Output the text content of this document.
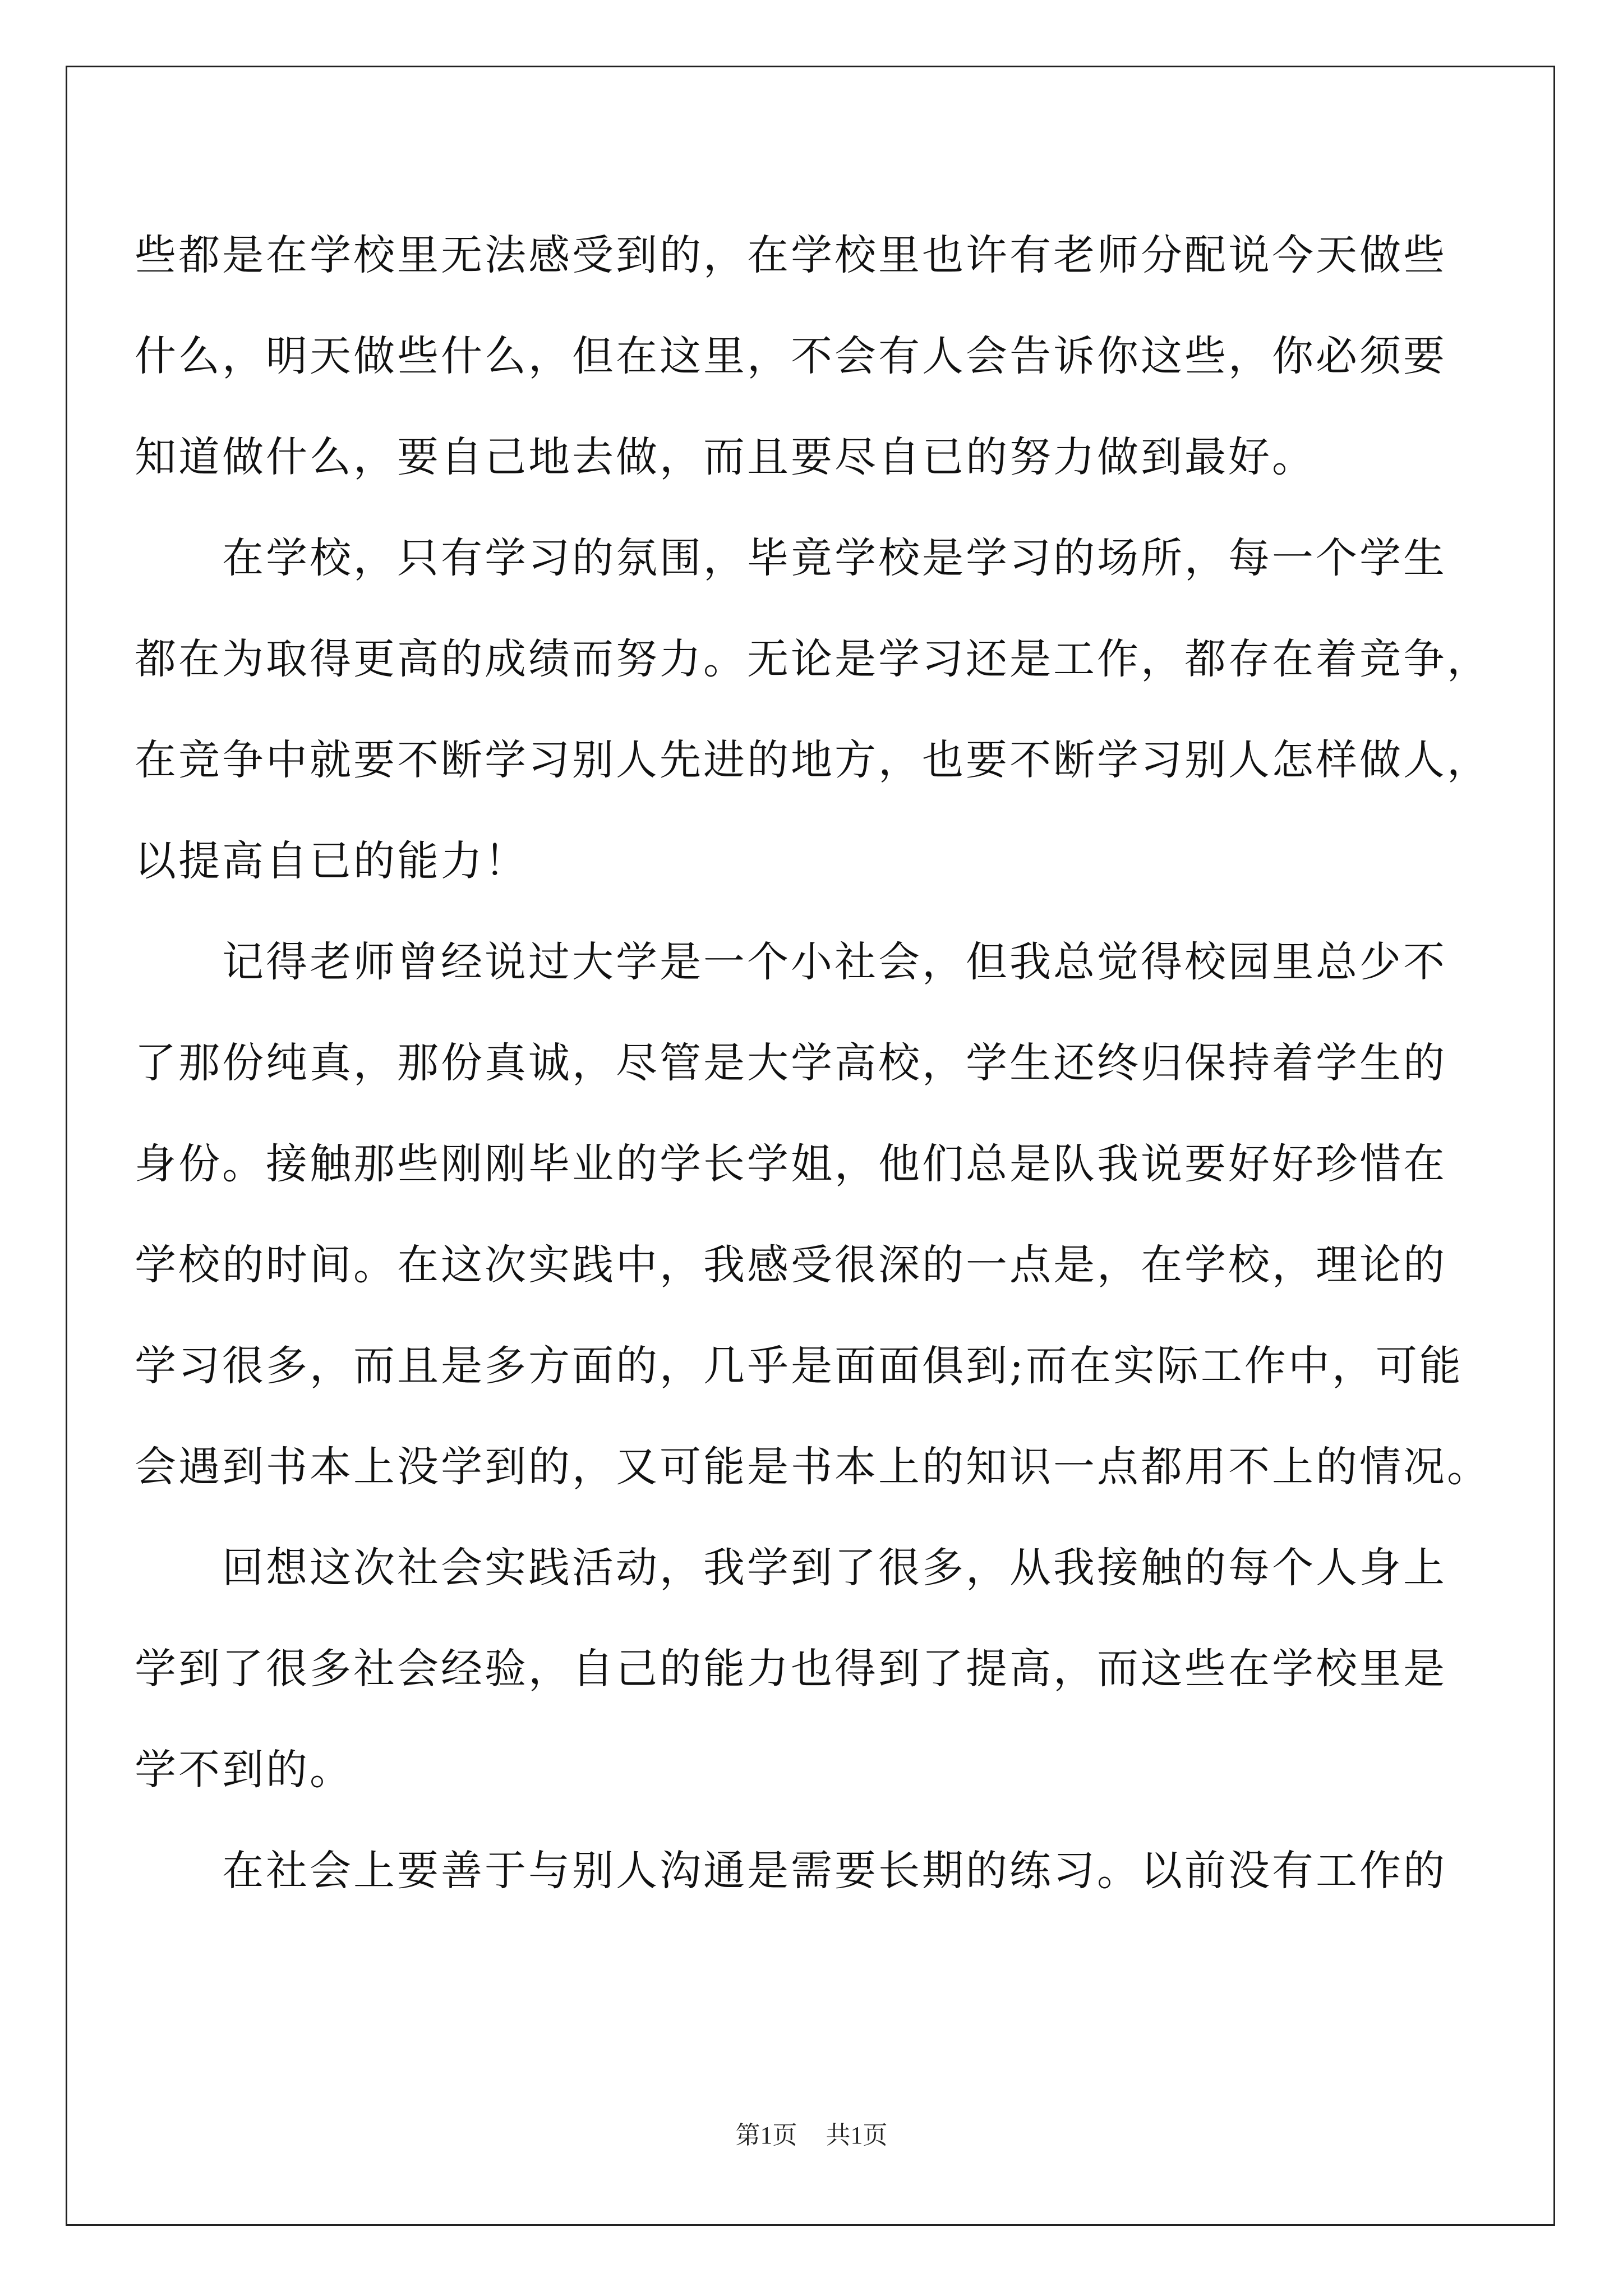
些都是在学校里无法感受到的，在学校里也许有老师分配说今天做些
什么，明天做些什么，但在这里，不会有人会告诉你这些，你必须要
知道做什么，要自己地去做，而且要尽自已的努力做到最好。
　　在学校，只有学习的氛围，毕竟学校是学习的场所，每一个学生
都在为取得更高的成绩而努力。无论是学习还是工作，都存在着竞争，
在竞争中就要不断学习别人先进的地方，也要不断学习别人怎样做人，
以提高自已的能力！
　　记得老师曾经说过大学是一个小社会，但我总觉得校园里总少不
了那份纯真，那份真诚，尽管是大学高校，学生还终归保持着学生的
身份。接触那些刚刚毕业的学长学姐，他们总是队我说要好好珍惜在
学校的时间。在这次实践中，我感受很深的一点是，在学校，理论的
学习很多，而且是多方面的，几乎是面面俱到;而在实际工作中，可能
会遇到书本上没学到的，又可能是书本上的知识一点都用不上的情况。
　　回想这次社会实践活动，我学到了很多，从我接触的每个人身上
学到了很多社会经验，自己的能力也得到了提高，而这些在学校里是
学不到的。
　　在社会上要善于与别人沟通是需要长期的练习。以前没有工作的
第1页 共1页
